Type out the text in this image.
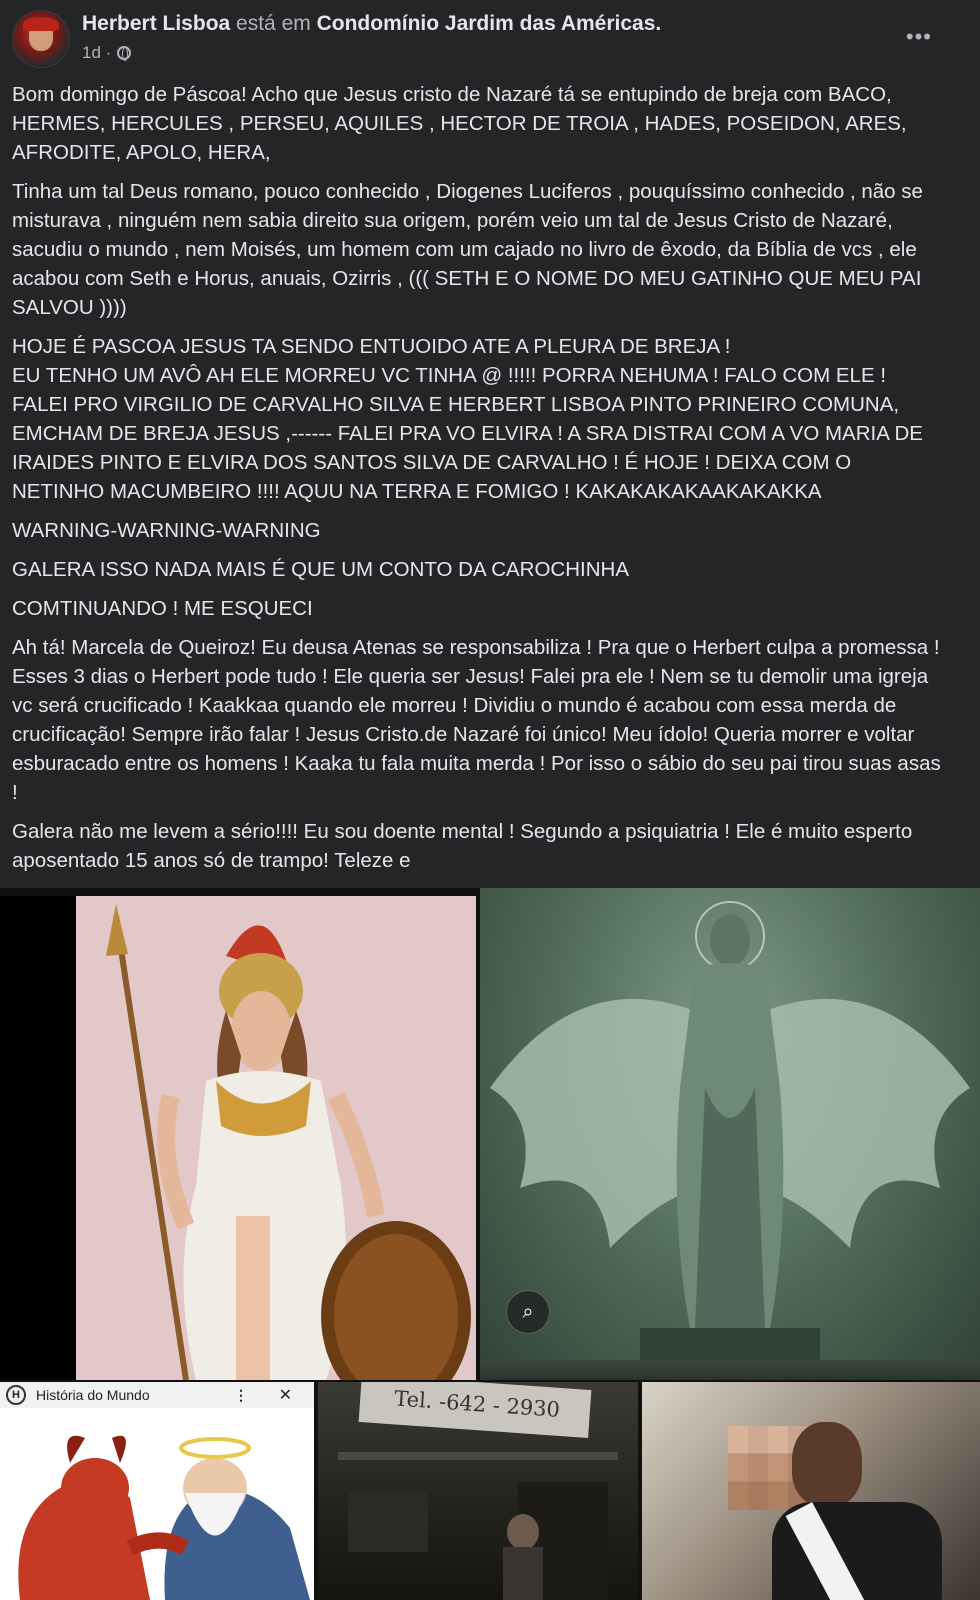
Herbert Lisboa está em Condomínio Jardim das Américas.
1d ·
•••

Bom domingo de Páscoa! Acho que Jesus cristo de Nazaré tá se entupindo de breja com BACO, HERMES, HERCULES , PERSEU, AQUILES , HECTOR DE TROIA , HADES, POSEIDON, ARES, AFRODITE, APOLO, HERA,

Tinha um tal Deus romano, pouco conhecido , Diogenes Luciferos , pouquíssimo conhecido , não se misturava , ninguém nem sabia direito sua origem, porém veio um tal de Jesus Cristo de Nazaré, sacudiu o mundo , nem Moisés, um homem com um cajado no livro de êxodo, da Bíblia de vcs , ele acabou com Seth e Horus, anuais, Ozirris , ((( SETH E O NOME DO MEU GATINHO QUE MEU PAI SALVOU ))))

HOJE É PASCOA JESUS TA SENDO ENTUOIDO ATE A PLEURA DE BREJA !
EU TENHO UM AVÔ AH ELE MORREU VC TINHA @ !!!!! PORRA NEHUMA ! FALO COM ELE ! FALEI PRO VIRGILIO DE CARVALHO SILVA E HERBERT LISBOA PINTO PRINEIRO COMUNA, EMCHAM DE BREJA JESUS ,------ FALEI PRA VO ELVIRA ! A SRA DISTRAI COM A VO MARIA DE IRAIDES PINTO E ELVIRA DOS SANTOS SILVA DE CARVALHO ! É HOJE ! DEIXA COM O NETINHO MACUMBEIRO !!!! AQUU NA TERRA E FOMIGO ! KAKAKAKAKAAKAKAKKA

WARNING-WARNING-WARNING

GALERA ISSO NADA MAIS É QUE UM CONTO DA CAROCHINHA

COMTINUANDO ! ME ESQUECI

Ah tá! Marcela de Queiroz! Eu deusa Atenas se responsabiliza ! Pra que o Herbert culpa a promessa ! Esses 3 dias o Herbert pode tudo ! Ele queria ser Jesus! Falei pra ele ! Nem se tu demolir uma igreja vc será crucificado ! Kaakkaa quando ele morreu ! Dividiu o mundo é acabou com essa merda de crucificação! Sempre irão falar ! Jesus Cristo.de Nazaré foi único! Meu ídolo! Queria morrer e voltar esburacado entre os homens ! Kaaka tu fala muita merda ! Por isso o sábio do seu pai tirou suas asas !

Galera não me levem a sério!!!! Eu sou doente mental ! Segundo a psiquiatria ! Ele é muito esperto aposentado 15 anos só de trampo! Teleze e

⌕
H	História do Mundo	⋮ ✕	Tel. -642 - 2930
